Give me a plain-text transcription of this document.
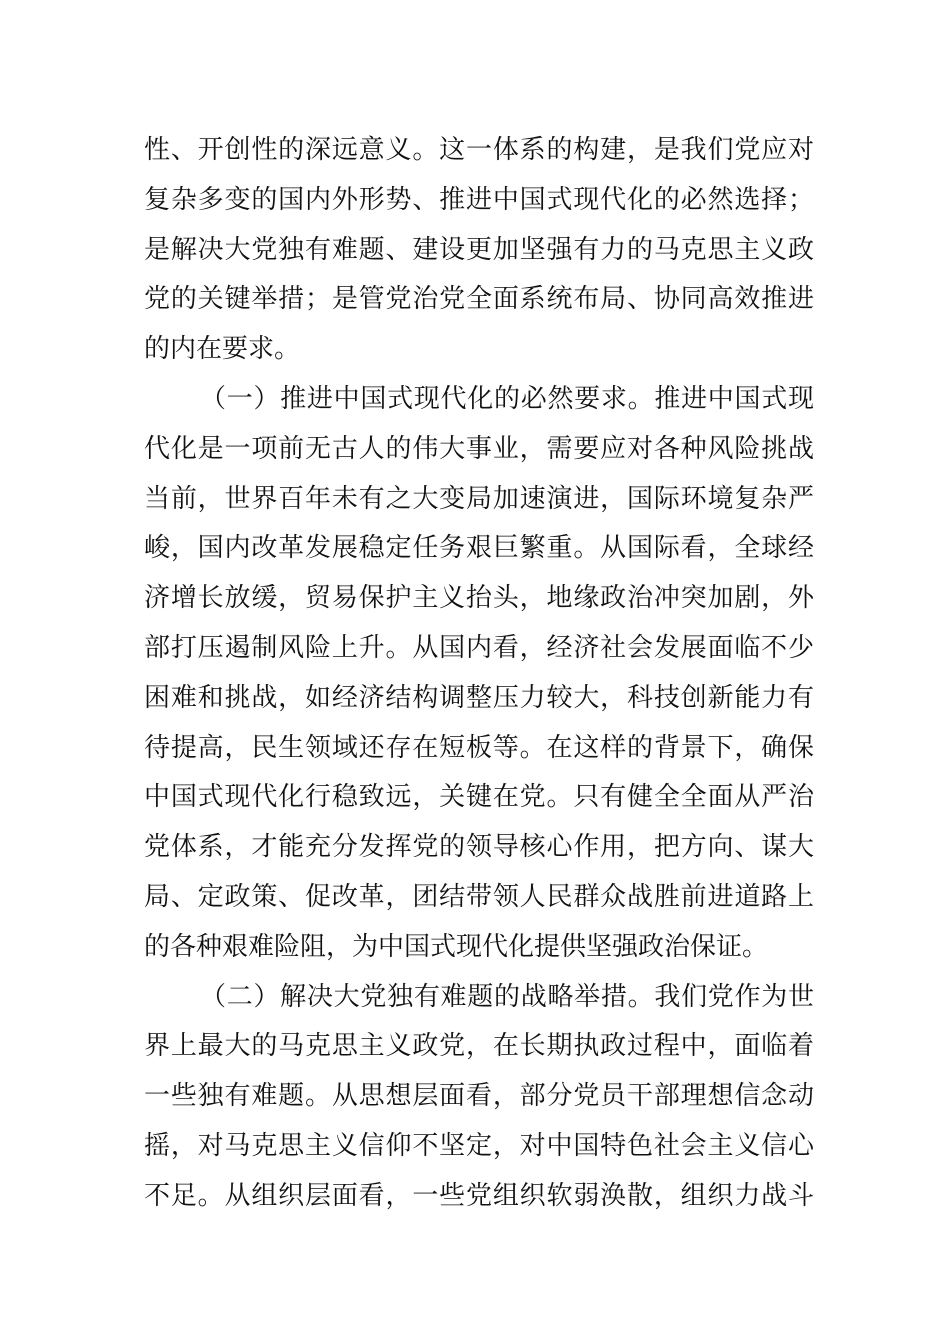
性、开创性的深远意义。这一体系的构建，是我们党应对
复杂多变的国内外形势、推进中国式现代化的必然选择；
是解决大党独有难题、建设更加坚强有力的马克思主义政
党的关键举措；是管党治党全面系统布局、协同高效推进
的内在要求。
（一）推进中国式现代化的必然要求。推进中国式现
代化是一项前无古人的伟大事业，需要应对各种风险挑战
当前，世界百年未有之大变局加速演进，国际环境复杂严
峻，国内改革发展稳定任务艰巨繁重。从国际看，全球经
济增长放缓，贸易保护主义抬头，地缘政治冲突加剧，外
部打压遏制风险上升。从国内看，经济社会发展面临不少
困难和挑战，如经济结构调整压力较大，科技创新能力有
待提高，民生领域还存在短板等。在这样的背景下，确保
中国式现代化行稳致远，关键在党。只有健全全面从严治
党体系，才能充分发挥党的领导核心作用，把方向、谋大
局、定政策、促改革，团结带领人民群众战胜前进道路上
的各种艰难险阻，为中国式现代化提供坚强政治保证。
（二）解决大党独有难题的战略举措。我们党作为世
界上最大的马克思主义政党，在长期执政过程中，面临着
一些独有难题。从思想层面看，部分党员干部理想信念动
摇，对马克思主义信仰不坚定，对中国特色社会主义信心
不足。从组织层面看，一些党组织软弱涣散，组织力战斗
